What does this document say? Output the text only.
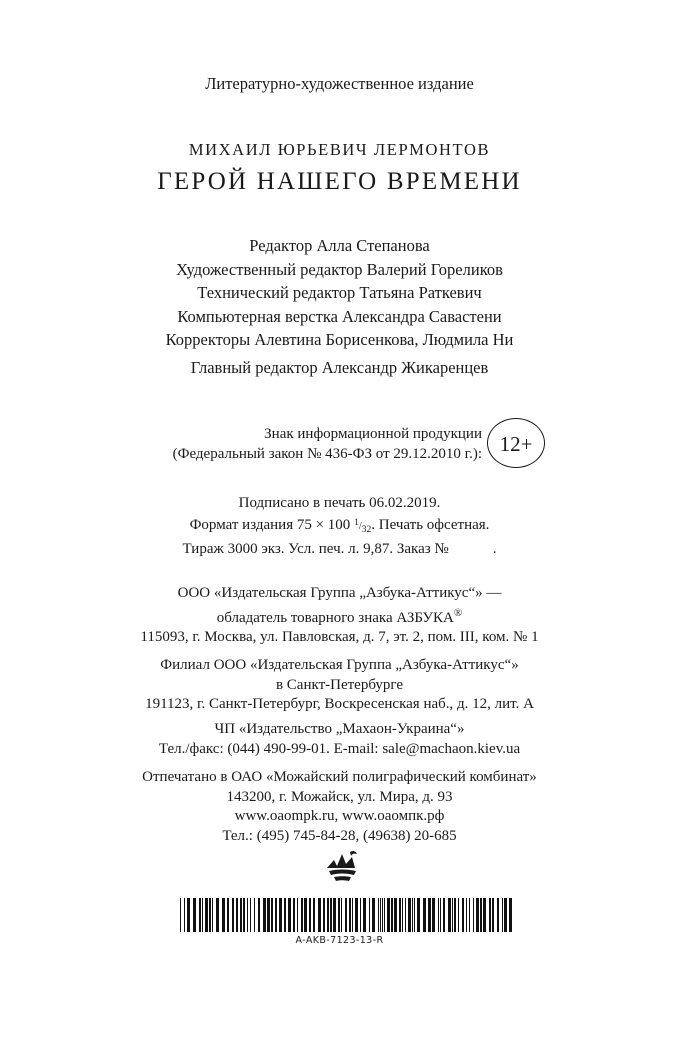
Литературно-художественное издание
МИХАИЛ ЮРЬЕВИЧ ЛЕРМОНТОВ
ГЕРОЙ НАШЕГО ВРЕМЕНИ
Редактор Алла Степанова
Художественный редактор Валерий Гореликов
Технический редактор Татьяна Раткевич
Компьютерная верстка Александра Савастени
Корректоры Алевтина Борисенкова, Людмила Ни
Главный редактор Александр Жикаренцев
Знак информационной продукции
(Федеральный закон № 436-ФЗ от 29.12.2010 г.): 12+
Подписано в печать 06.02.2019.
Формат издания 75 × 100 $^1/_{32}$. Печать офсетная.
Тираж 3000 экз. Усл. печ. л. 9,87. Заказ №	.
ООО «Издательская Группа „Азбука-Аттикус“» —
обладатель товарного знака АЗБУКА®
115093, г. Москва, ул. Павловская, д. 7, эт. 2, пом. III, ком. № 1
Филиал ООО «Издательская Группа „Азбука-Аттикус“»
в Санкт-Петербурге
191123, г. Санкт-Петербург, Воскресенская наб., д. 12, лит. А
ЧП «Издательство „Махаон-Украина“»
Тел./факс: (044) 490-99-01. E-mail: sale@machaon.kiev.ua
Отпечатано в ОАО «Можайский полиграфический комбинат»
143200, г. Можайск, ул. Мира, д. 93
www.oaompk.ru, www.оаомпк.рф
Тел.: (495) 745-84-28, (49638) 20-685
A-AKB-7123-13-R
